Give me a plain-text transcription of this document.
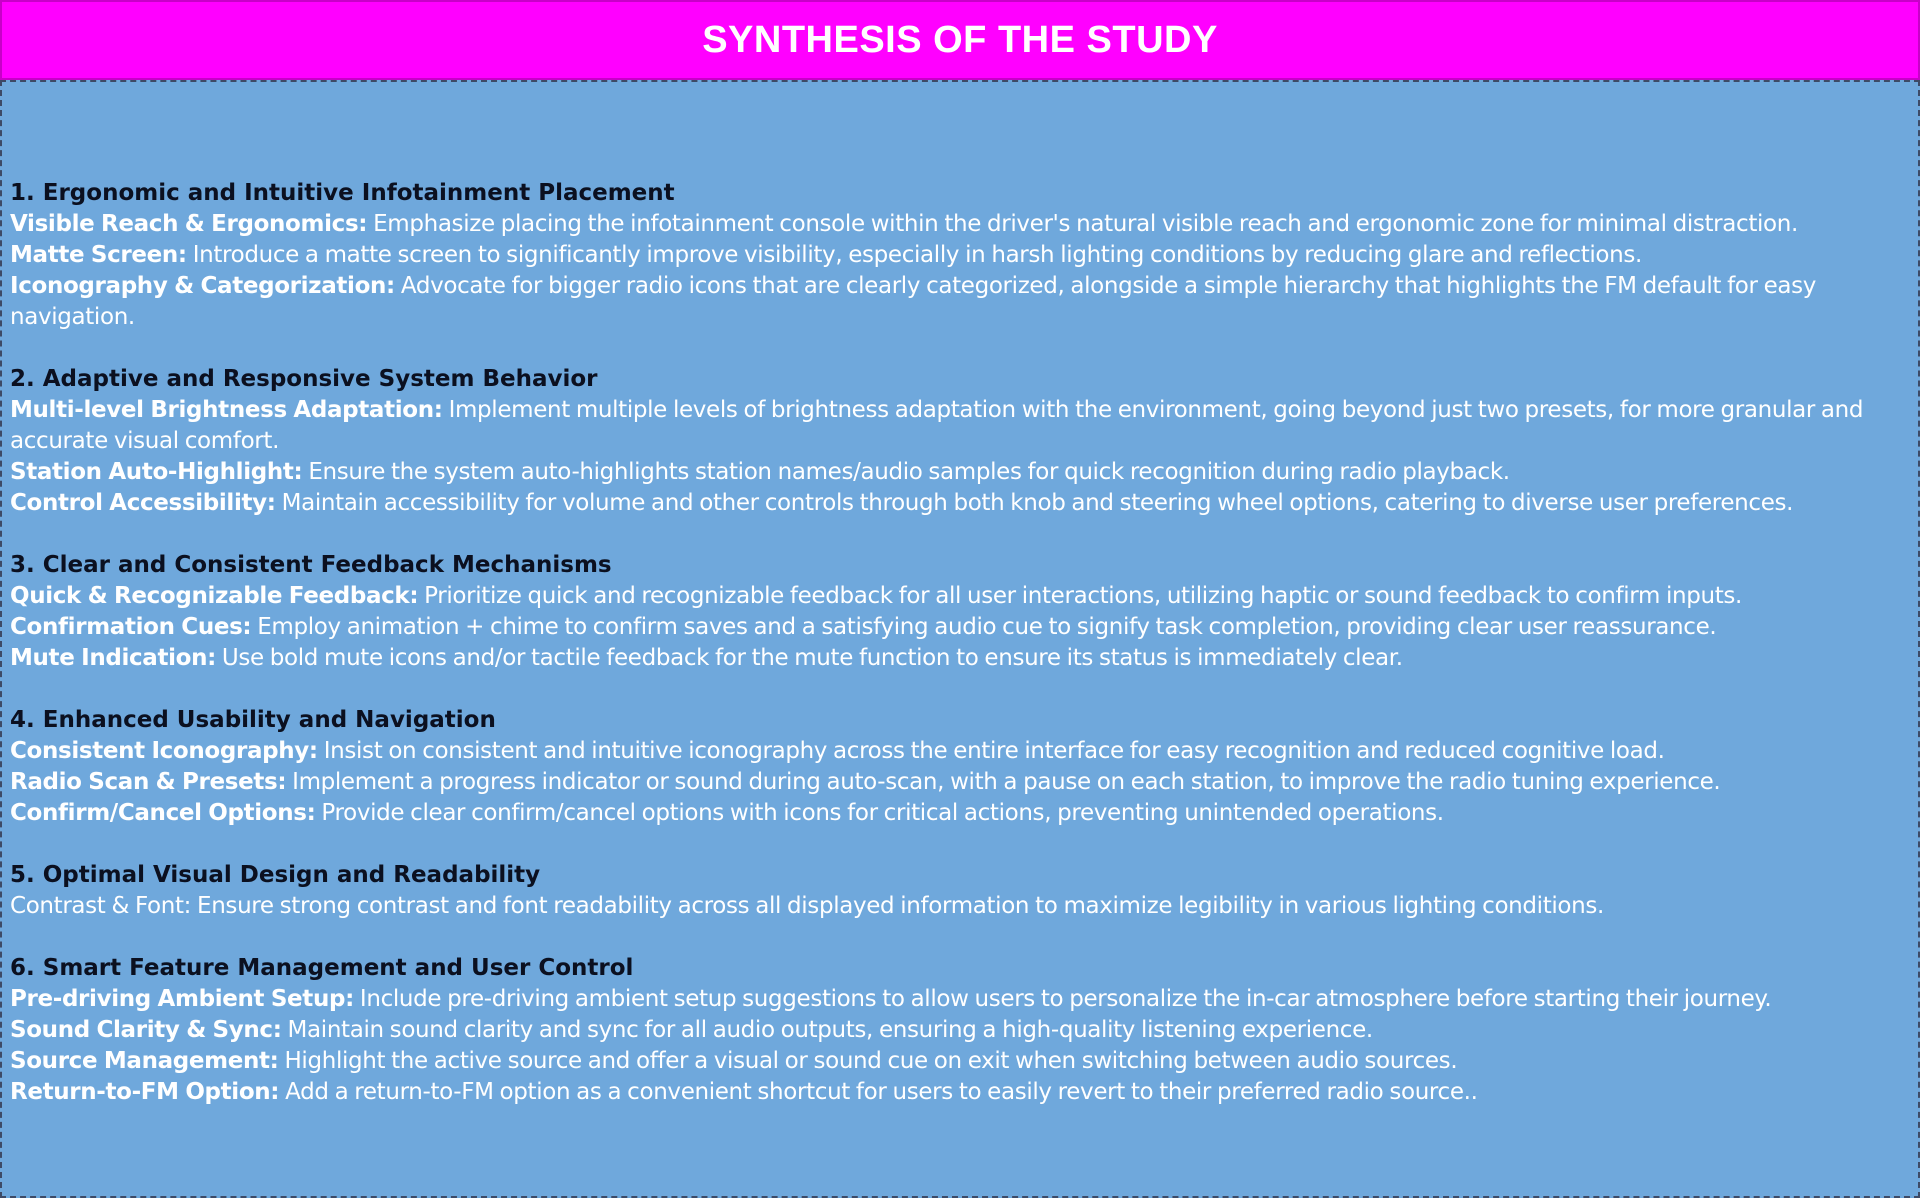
SYNTHESIS OF THE STUDY
1. Ergonomic and Intuitive Infotainment Placement
Visible Reach & Ergonomics: Emphasize placing the infotainment console within the driver's natural visible reach and ergonomic zone for minimal distraction.
Matte Screen: Introduce a matte screen to significantly improve visibility, especially in harsh lighting conditions by reducing glare and reflections.
Iconography & Categorization: Advocate for bigger radio icons that are clearly categorized, alongside a simple hierarchy that highlights the FM default for easy navigation.
2. Adaptive and Responsive System Behavior
Multi-level Brightness Adaptation: Implement multiple levels of brightness adaptation with the environment, going beyond just two presets, for more granular and accurate visual comfort.
Station Auto-Highlight: Ensure the system auto-highlights station names/audio samples for quick recognition during radio playback.
Control Accessibility: Maintain accessibility for volume and other controls through both knob and steering wheel options, catering to diverse user preferences.
3. Clear and Consistent Feedback Mechanisms
Quick & Recognizable Feedback: Prioritize quick and recognizable feedback for all user interactions, utilizing haptic or sound feedback to confirm inputs.
Confirmation Cues: Employ animation + chime to confirm saves and a satisfying audio cue to signify task completion, providing clear user reassurance.
Mute Indication: Use bold mute icons and/or tactile feedback for the mute function to ensure its status is immediately clear.
4. Enhanced Usability and Navigation
Consistent Iconography: Insist on consistent and intuitive iconography across the entire interface for easy recognition and reduced cognitive load.
Radio Scan & Presets: Implement a progress indicator or sound during auto-scan, with a pause on each station, to improve the radio tuning experience.
Confirm/Cancel Options: Provide clear confirm/cancel options with icons for critical actions, preventing unintended operations.
5. Optimal Visual Design and Readability
Contrast & Font: Ensure strong contrast and font readability across all displayed information to maximize legibility in various lighting conditions.
6. Smart Feature Management and User Control
Pre-driving Ambient Setup: Include pre-driving ambient setup suggestions to allow users to personalize the in-car atmosphere before starting their journey.
Sound Clarity & Sync: Maintain sound clarity and sync for all audio outputs, ensuring a high-quality listening experience.
Source Management: Highlight the active source and offer a visual or sound cue on exit when switching between audio sources.
Return-to-FM Option: Add a return-to-FM option as a convenient shortcut for users to easily revert to their preferred radio source..
